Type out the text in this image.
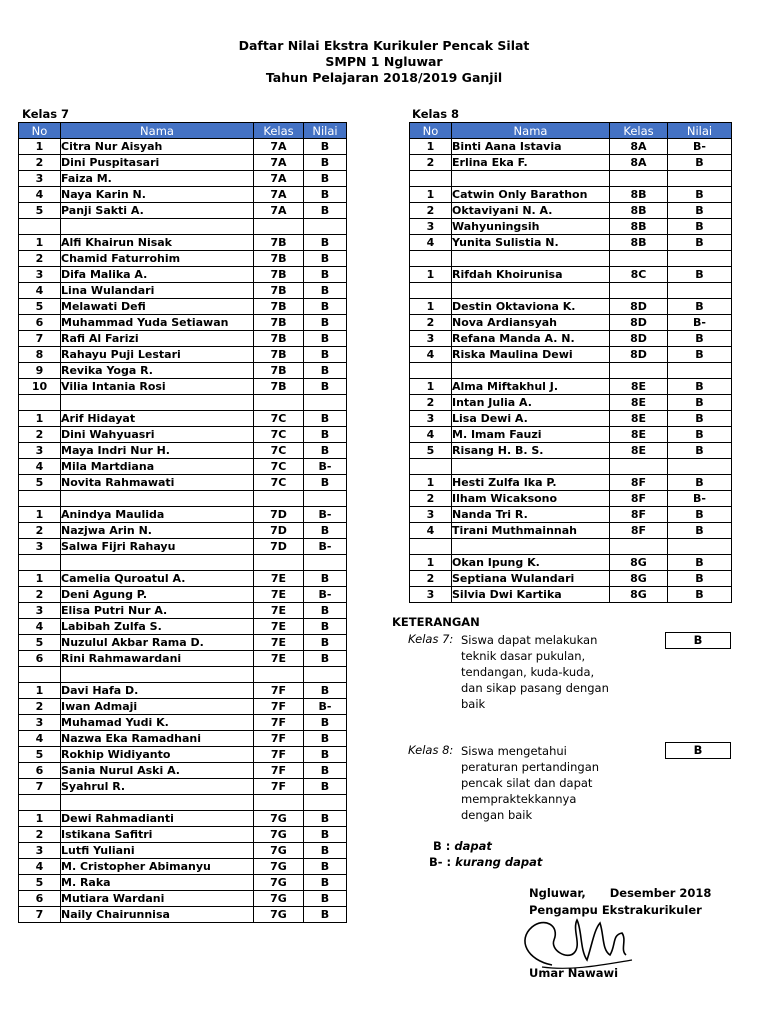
Daftar Nilai Ekstra Kurikuler Pencak Silat
SMPN 1 Ngluwar
Tahun Pelajaran 2018/2019 Ganjil
Kelas 7
No	Nama	Kelas	Nilai
1	Citra Nur Aisyah	7A	B
2	Dini Puspitasari	7A	B
3	Faiza M.	7A	B
4	Naya Karin N.	7A	B
5	Panji Sakti A.	7A	B

1	Alfi Khairun Nisak	7B	B
2	Chamid Faturrohim	7B	B
3	Difa Malika A.	7B	B
4	Lina Wulandari	7B	B
5	Melawati Defi	7B	B
6	Muhammad Yuda Setiawan	7B	B
7	Rafi Al Farizi	7B	B
8	Rahayu Puji Lestari	7B	B
9	Revika Yoga R.	7B	B
10	Vilia Intania Rosi	7B	B

1	Arif Hidayat	7C	B
2	Dini Wahyuasri	7C	B
3	Maya Indri Nur H.	7C	B
4	Mila Martdiana	7C	B-
5	Novita Rahmawati	7C	B

1	Anindya Maulida	7D	B-
2	Nazjwa Arin N.	7D	B
3	Salwa Fijri Rahayu	7D	B-

1	Camelia Quroatul A.	7E	B
2	Deni Agung P.	7E	B-
3	Elisa Putri Nur A.	7E	B
4	Labibah Zulfa S.	7E	B
5	Nuzulul Akbar Rama D.	7E	B
6	Rini Rahmawardani	7E	B

1	Davi Hafa D.	7F	B
2	Iwan Admaji	7F	B-
3	Muhamad Yudi K.	7F	B
4	Nazwa Eka Ramadhani	7F	B
5	Rokhip Widiyanto	7F	B
6	Sania Nurul Aski A.	7F	B
7	Syahrul R.	7F	B

1	Dewi Rahmadianti	7G	B
2	Istikana Safitri	7G	B
3	Lutfi Yuliani	7G	B
4	M. Cristopher Abimanyu	7G	B
5	M. Raka	7G	B
6	Mutiara Wardani	7G	B
7	Naily Chairunnisa	7G	B
Kelas 8
No	Nama	Kelas	Nilai
1	Binti Aana Istavia	8A	B-
2	Erlina Eka F.	8A	B

1	Catwin Only Barathon	8B	B
2	Oktaviyani N. A.	8B	B
3	Wahyuningsih	8B	B
4	Yunita Sulistia N.	8B	B

1	Rifdah Khoirunisa	8C	B

1	Destin Oktaviona K.	8D	B
2	Nova Ardiansyah	8D	B-
3	Refana Manda A. N.	8D	B
4	Riska Maulina Dewi	8D	B

1	Alma Miftakhul J.	8E	B
2	Intan Julia A.	8E	B
3	Lisa Dewi A.	8E	B
4	M. Imam Fauzi	8E	B
5	Risang H. B. S.	8E	B

1	Hesti Zulfa Ika P.	8F	B
2	Ilham Wicaksono	8F	B-
3	Nanda Tri R.	8F	B
4	Tirani Muthmainnah	8F	B

1	Okan Ipung K.	8G	B
2	Septiana Wulandari	8G	B
3	Silvia Dwi Kartika	8G	B
KETERANGAN
Kelas 7: Siswa dapat melakukan
teknik dasar pukulan,
tendangan, kuda-kuda,
dan sikap pasang dengan
baik
B
Kelas 8: Siswa mengetahui
peraturan pertandingan
pencak silat dan dapat
mempraktekkannya
dengan baik
B
B : dapat
B- : kurang dapat
Ngluwar,      Desember 2018
Pengampu Ekstrakurikuler
Umar Nawawi
